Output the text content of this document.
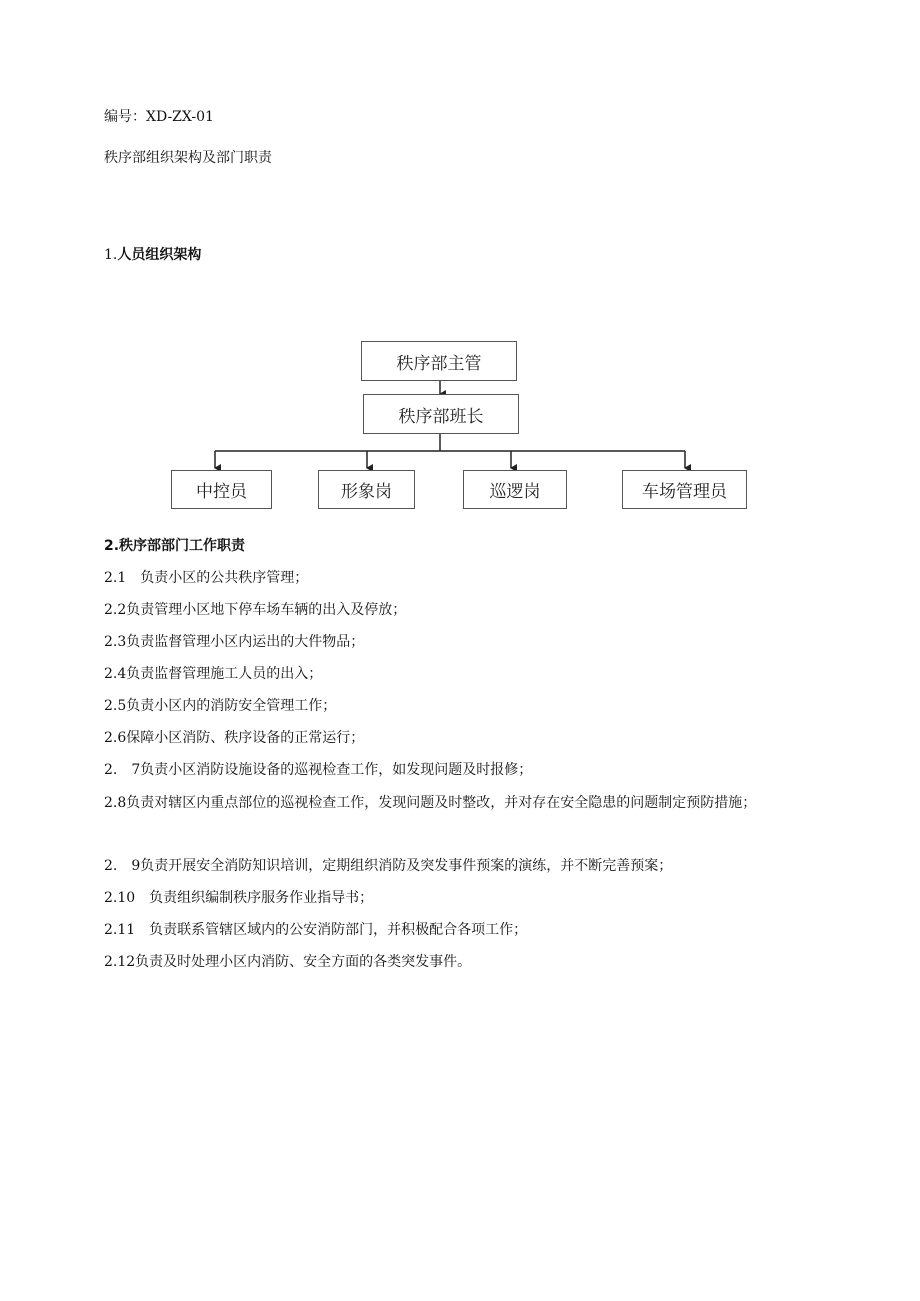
编号：XD-ZX-01
秩序部组织架构及部门职责
1.人员组织架构
秩序部主管
秩序部班长
中控员	形象岗	巡逻岗	车场管理员
2.秩序部部门工作职责
2.1　负责小区的公共秩序管理；
2.2负责管理小区地下停车场车辆的出入及停放；
2.3负责监督管理小区内运出的大件物品；
2.4负责监督管理施工人员的出入；
2.5负责小区内的消防安全管理工作；
2.6保障小区消防、秩序设备的正常运行；
2.　7负责小区消防设施设备的巡视检查工作，如发现问题及时报修；
2.8负责对辖区内重点部位的巡视检查工作，发现问题及时整改，并对存在安全隐患的问题制定预防措施；
2.　9负责开展安全消防知识培训，定期组织消防及突发事件预案的演练，并不断完善预案；
2.10　负责组织编制秩序服务作业指导书；
2.11　负责联系管辖区域内的公安消防部门，并积极配合各项工作；
2.12负责及时处理小区内消防、安全方面的各类突发事件。
